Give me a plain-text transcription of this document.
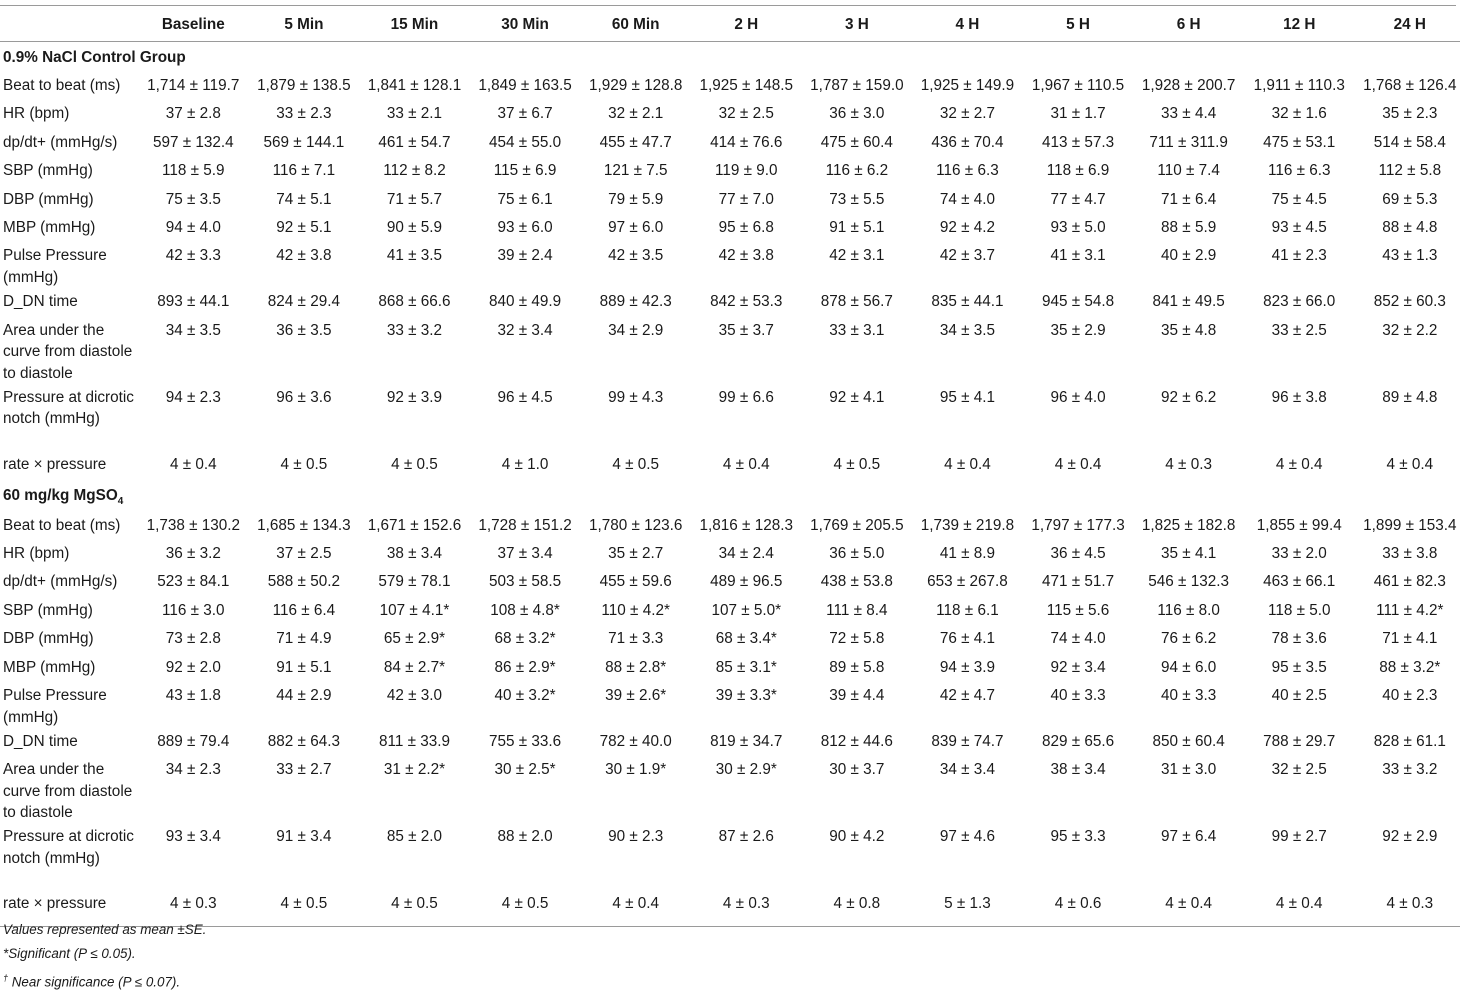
	Baseline	5 Min	15 Min	30 Min	60 Min	2 H	3 H	4 H	5 H	6 H	12 H	24 H
0.9% NaCl Control Group												
Beat to beat (ms)	1,714 ± 119.7	1,879 ± 138.5	1,841 ± 128.1	1,849 ± 163.5	1,929 ± 128.8	1,925 ± 148.5	1,787 ± 159.0	1,925 ± 149.9	1,967 ± 110.5	1,928 ± 200.7	1,911 ± 110.3	1,768 ± 126.4
HR (bpm)	37 ± 2.8	33 ± 2.3	33 ± 2.1	37 ± 6.7	32 ± 2.1	32 ± 2.5	36 ± 3.0	32 ± 2.7	31 ± 1.7	33 ± 4.4	32 ± 1.6	35 ± 2.3
dp/dt+ (mmHg/s)	597 ± 132.4	569 ± 144.1	461 ± 54.7	454 ± 55.0	455 ± 47.7	414 ± 76.6	475 ± 60.4	436 ± 70.4	413 ± 57.3	711 ± 311.9	475 ± 53.1	514 ± 58.4
SBP (mmHg)	118 ± 5.9	116 ± 7.1	112 ± 8.2	115 ± 6.9	121 ± 7.5	119 ± 9.0	116 ± 6.2	116 ± 6.3	118 ± 6.9	110 ± 7.4	116 ± 6.3	112 ± 5.8
DBP (mmHg)	75 ± 3.5	74 ± 5.1	71 ± 5.7	75 ± 6.1	79 ± 5.9	77 ± 7.0	73 ± 5.5	74 ± 4.0	77 ± 4.7	71 ± 6.4	75 ± 4.5	69 ± 5.3
MBP (mmHg)	94 ± 4.0	92 ± 5.1	90 ± 5.9	93 ± 6.0	97 ± 6.0	95 ± 6.8	91 ± 5.1	92 ± 4.2	93 ± 5.0	88 ± 5.9	93 ± 4.5	88 ± 4.8
Pulse Pressure (mmHg)	42 ± 3.3	42 ± 3.8	41 ± 3.5	39 ± 2.4	42 ± 3.5	42 ± 3.8	42 ± 3.1	42 ± 3.7	41 ± 3.1	40 ± 2.9	41 ± 2.3	43 ± 1.3
D_DN time	893 ± 44.1	824 ± 29.4	868 ± 66.6	840 ± 49.9	889 ± 42.3	842 ± 53.3	878 ± 56.7	835 ± 44.1	945 ± 54.8	841 ± 49.5	823 ± 66.0	852 ± 60.3
Area under the curve from diastole to diastole	34 ± 3.5	36 ± 3.5	33 ± 3.2	32 ± 3.4	34 ± 2.9	35 ± 3.7	33 ± 3.1	34 ± 3.5	35 ± 2.9	35 ± 4.8	33 ± 2.5	32 ± 2.2
Pressure at dicrotic notch (mmHg)	94 ± 2.3	96 ± 3.6	92 ± 3.9	96 ± 4.5	99 ± 4.3	99 ± 6.6	92 ± 4.1	95 ± 4.1	96 ± 4.0	92 ± 6.2	96 ± 3.8	89 ± 4.8
rate × pressure	4 ± 0.4	4 ± 0.5	4 ± 0.5	4 ± 1.0	4 ± 0.5	4 ± 0.4	4 ± 0.5	4 ± 0.4	4 ± 0.4	4 ± 0.3	4 ± 0.4	4 ± 0.4
60 mg/kg MgSO$_4$
Beat to beat (ms)	1,738 ± 130.2	1,685 ± 134.3	1,671 ± 152.6	1,728 ± 151.2	1,780 ± 123.6	1,816 ± 128.3	1,769 ± 205.5	1,739 ± 219.8	1,797 ± 177.3	1,825 ± 182.8	1,855 ± 99.4	1,899 ± 153.4
HR (bpm)	36 ± 3.2	37 ± 2.5	38 ± 3.4	37 ± 3.4	35 ± 2.7	34 ± 2.4	36 ± 5.0	41 ± 8.9	36 ± 4.5	35 ± 4.1	33 ± 2.0	33 ± 3.8
dp/dt+ (mmHg/s)	523 ± 84.1	588 ± 50.2	579 ± 78.1	503 ± 58.5	455 ± 59.6	489 ± 96.5	438 ± 53.8	653 ± 267.8	471 ± 51.7	546 ± 132.3	463 ± 66.1	461 ± 82.3
SBP (mmHg)	116 ± 3.0	116 ± 6.4	107 ± 4.1*	108 ± 4.8*	110 ± 4.2*	107 ± 5.0*	111 ± 8.4	118 ± 6.1	115 ± 5.6	116 ± 8.0	118 ± 5.0	111 ± 4.2*
DBP (mmHg)	73 ± 2.8	71 ± 4.9	65 ± 2.9*	68 ± 3.2*	71 ± 3.3	68 ± 3.4*	72 ± 5.8	76 ± 4.1	74 ± 4.0	76 ± 6.2	78 ± 3.6	71 ± 4.1
MBP (mmHg)	92 ± 2.0	91 ± 5.1	84 ± 2.7*	86 ± 2.9*	88 ± 2.8*	85 ± 3.1*	89 ± 5.8	94 ± 3.9	92 ± 3.4	94 ± 6.0	95 ± 3.5	88 ± 3.2*
Pulse Pressure (mmHg)	43 ± 1.8	44 ± 2.9	42 ± 3.0	40 ± 3.2*	39 ± 2.6*	39 ± 3.3*	39 ± 4.4	42 ± 4.7	40 ± 3.3	40 ± 3.3	40 ± 2.5	40 ± 2.3
D_DN time	889 ± 79.4	882 ± 64.3	811 ± 33.9	755 ± 33.6	782 ± 40.0	819 ± 34.7	812 ± 44.6	839 ± 74.7	829 ± 65.6	850 ± 60.4	788 ± 29.7	828 ± 61.1
Area under the curve from diastole to diastole	34 ± 2.3	33 ± 2.7	31 ± 2.2*	30 ± 2.5*	30 ± 1.9*	30 ± 2.9*	30 ± 3.7	34 ± 3.4	38 ± 3.4	31 ± 3.0	32 ± 2.5	33 ± 3.2
Pressure at dicrotic notch (mmHg)	93 ± 3.4	91 ± 3.4	85 ± 2.0	88 ± 2.0	90 ± 2.3	87 ± 2.6	90 ± 4.2	97 ± 4.6	95 ± 3.3	97 ± 6.4	99 ± 2.7	92 ± 2.9
rate × pressure	4 ± 0.3	4 ± 0.5	4 ± 0.5	4 ± 0.5	4 ± 0.4	4 ± 0.3	4 ± 0.8	5 ± 1.3	4 ± 0.6	4 ± 0.4	4 ± 0.4	4 ± 0.3
Values represented as mean ±SE.
*Significant (P ≤ 0.05).
† Near significance (P ≤ 0.07).
